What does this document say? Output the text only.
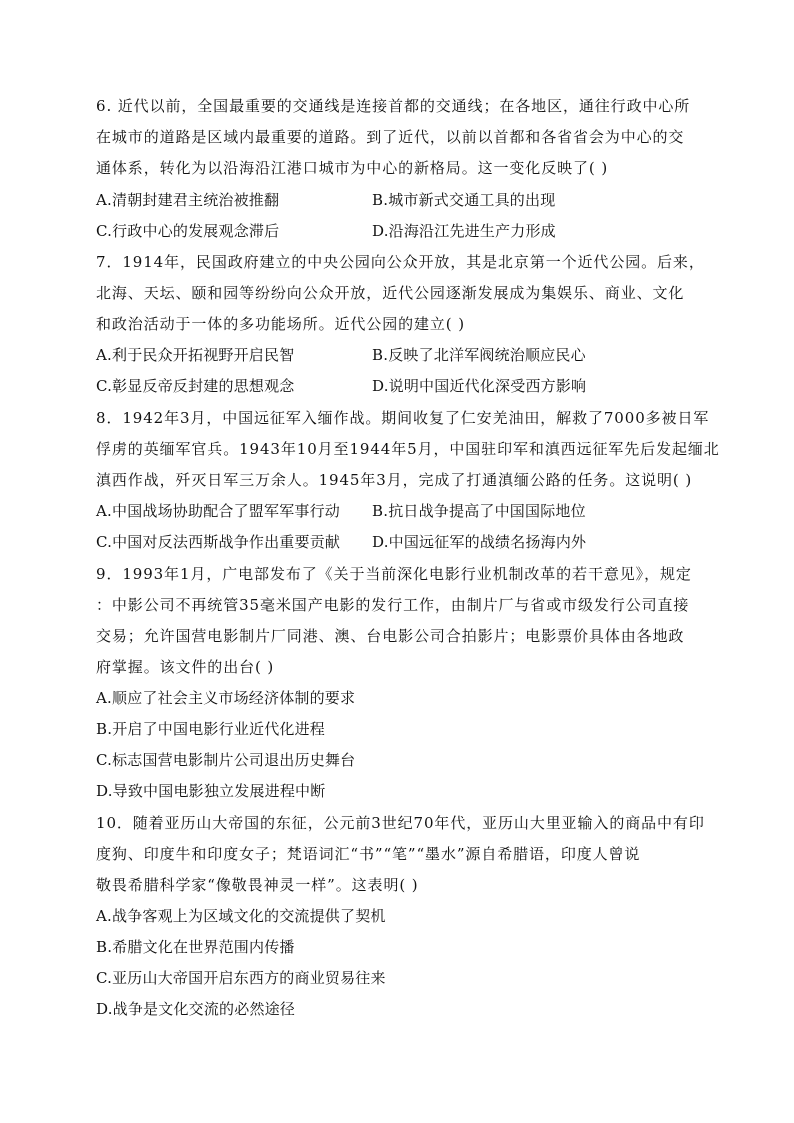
6. 近代以前，全国最重要的交通线是连接首都的交通线；在各地区，通往行政中心所
在城市的道路是区域内最重要的道路。到了近代，以前以首都和各省省会为中心的交
通体系，转化为以沿海沿江港口城市为中心的新格局。这一变化反映了( )
A.清朝封建君主统治被推翻	B.城市新式交通工具的出现
C.行政中心的发展观念滞后	D.沿海沿江先进生产力形成
7．1914年，民国政府建立的中央公园向公众开放，其是北京第一个近代公园。后来，
北海、天坛、颐和园等纷纷向公众开放，近代公园逐渐发展成为集娱乐、商业、文化
和政治活动于一体的多功能场所。近代公园的建立( )
A.利于民众开拓视野开启民智	B.反映了北洋军阀统治顺应民心
C.彰显反帝反封建的思想观念	D.说明中国近代化深受西方影响
8．1942年3月，中国远征军入缅作战。期间收复了仁安羌油田，解救了7000多被日军
俘虏的英缅军官兵。1943年10月至1944年5月，中国驻印军和滇西远征军先后发起缅北
滇西作战，歼灭日军三万余人。1945年3月，完成了打通滇缅公路的任务。这说明( )
A.中国战场协助配合了盟军军事行动 B.抗日战争提高了中国国际地位
C.中国对反法西斯战争作出重要贡献 D.中国远征军的战绩名扬海内外
9．1993年1月，广电部发布了《关于当前深化电影行业机制改革的若干意见》，规定
：中影公司不再统管35毫米国产电影的发行工作，由制片厂与省或市级发行公司直接
交易；允许国营电影制片厂同港、澳、台电影公司合拍影片；电影票价具体由各地政
府掌握。该文件的出台( )
A.顺应了社会主义市场经济体制的要求
B.开启了中国电影行业近代化进程
C.标志国营电影制片公司退出历史舞台
D.导致中国电影独立发展进程中断
10．随着亚历山大帝国的东征，公元前3世纪70年代，亚历山大里亚输入的商品中有印
度狗、印度牛和印度女子；梵语词汇“书”“笔”“墨水”源自希腊语，印度人曾说
敬畏希腊科学家“像敬畏神灵一样”。这表明( )
A.战争客观上为区域文化的交流提供了契机
B.希腊文化在世界范围内传播
C.亚历山大帝国开启东西方的商业贸易往来
D.战争是文化交流的必然途径
